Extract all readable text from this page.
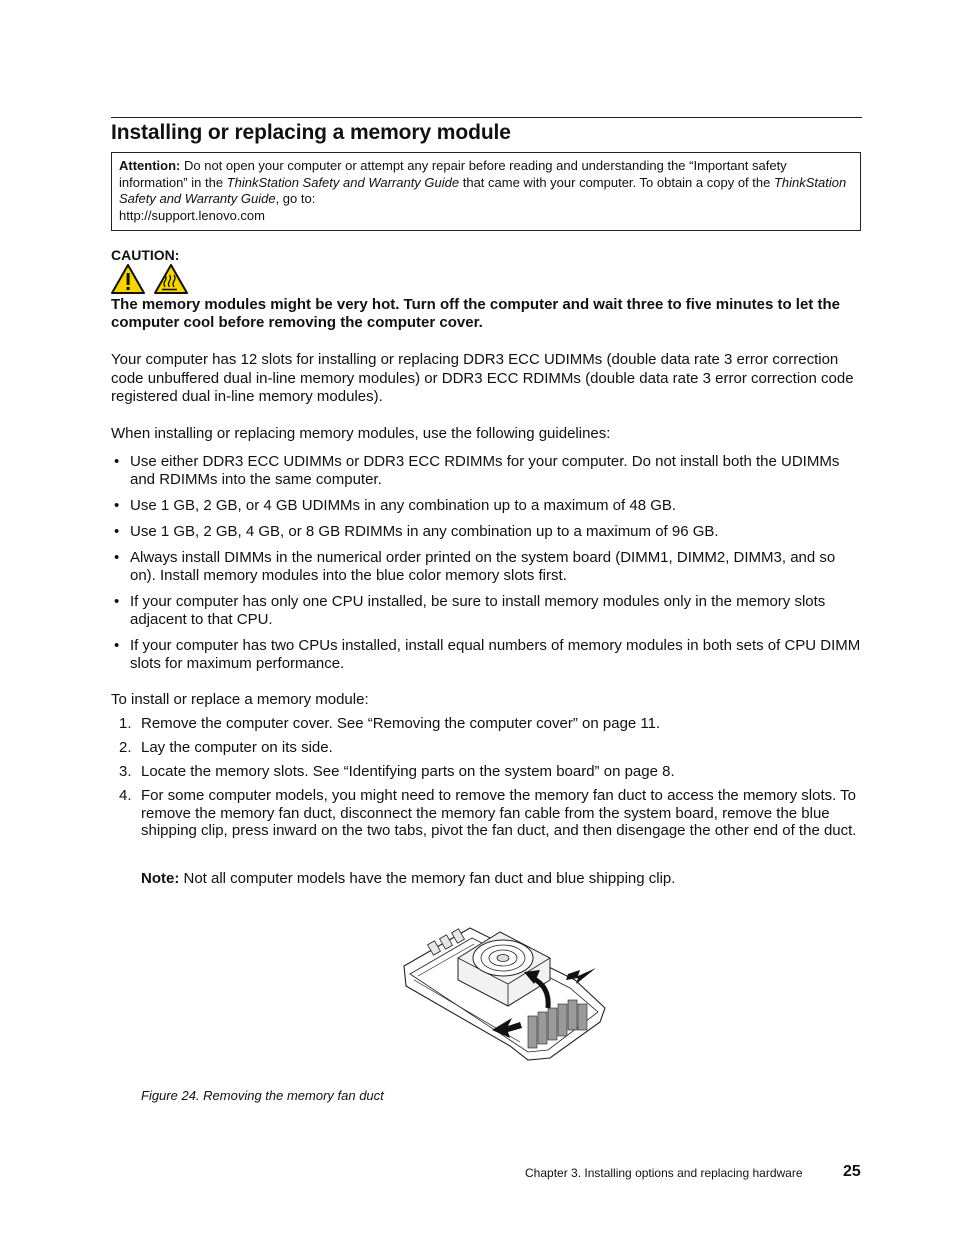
Installing or replacing a memory module
Attention: Do not open your computer or attempt any repair before reading and understanding the “Important safety information” in the ThinkStation Safety and Warranty Guide that came with your computer. To obtain a copy of the ThinkStation Safety and Warranty Guide, go to:
http://support.lenovo.com
CAUTION:
The memory modules might be very hot. Turn off the computer and wait three to five minutes to let the computer cool before removing the computer cover.
Your computer has 12 slots for installing or replacing DDR3 ECC UDIMMs (double data rate 3 error correction code unbuffered dual in-line memory modules) or DDR3 ECC RDIMMs (double data rate 3 error correction code registered dual in-line memory modules).
When installing or replacing memory modules, use the following guidelines:
• Use either DDR3 ECC UDIMMs or DDR3 ECC RDIMMs for your computer. Do not install both the UDIMMs and RDIMMs into the same computer.
• Use 1 GB, 2 GB, or 4 GB UDIMMs in any combination up to a maximum of 48 GB.
• Use 1 GB, 2 GB, 4 GB, or 8 GB RDIMMs in any combination up to a maximum of 96 GB.
• Always install DIMMs in the numerical order printed on the system board (DIMM1, DIMM2, DIMM3, and so on). Install memory modules into the blue color memory slots first.
• If your computer has only one CPU installed, be sure to install memory modules only in the memory slots adjacent to that CPU.
• If your computer has two CPUs installed, install equal numbers of memory modules in both sets of CPU DIMM slots for maximum performance.
To install or replace a memory module:
1. Remove the computer cover. See “Removing the computer cover” on page 11.
2. Lay the computer on its side.
3. Locate the memory slots. See “Identifying parts on the system board” on page 8.
4. For some computer models, you might need to remove the memory fan duct to access the memory slots. To remove the memory fan duct, disconnect the memory fan cable from the system board, remove the blue shipping clip, press inward on the two tabs, pivot the fan duct, and then disengage the other end of the duct.
Note: Not all computer models have the memory fan duct and blue shipping clip.
Figure 24. Removing the memory fan duct
Chapter 3. Installing options and replacing hardware	25
